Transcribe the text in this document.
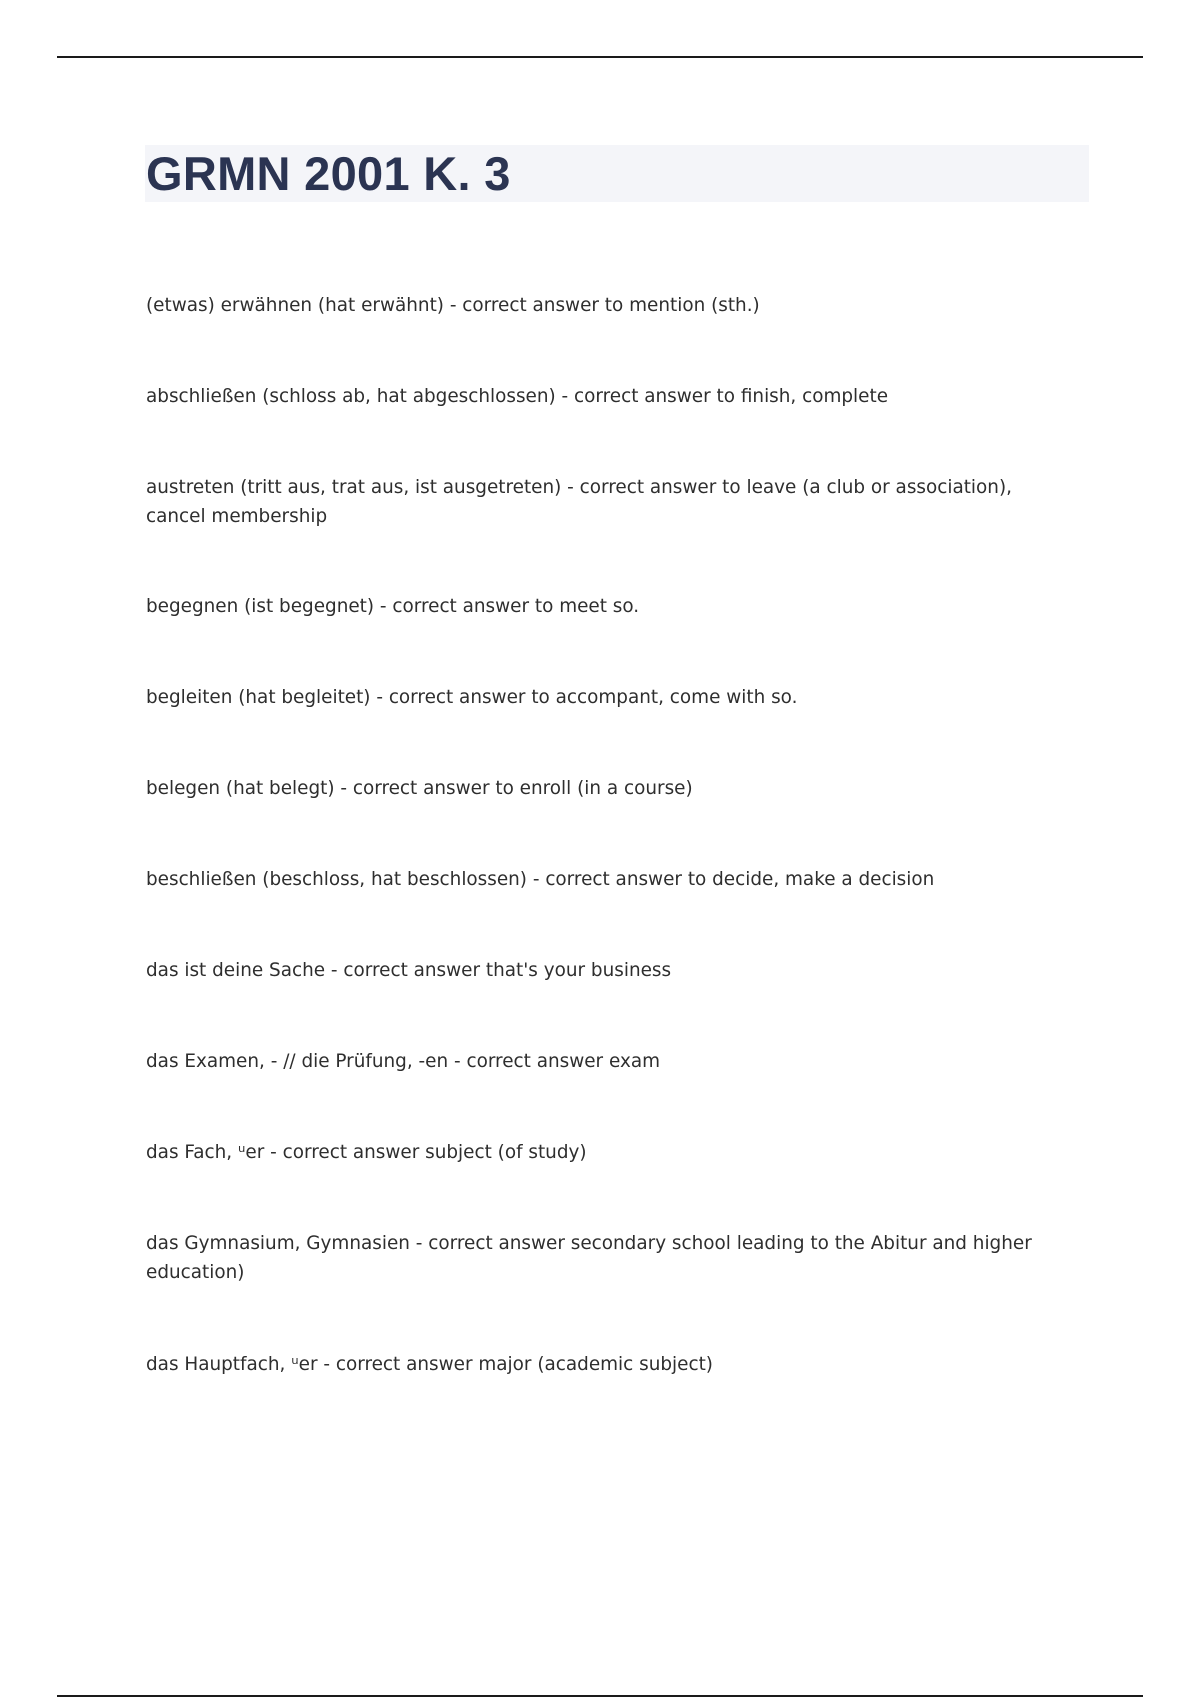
GRMN 2001 K. 3
(etwas) erwähnen (hat erwähnt) - correct answer to mention (sth.)
abschließen (schloss ab, hat abgeschlossen) - correct answer to finish, complete
austreten (tritt aus, trat aus, ist ausgetreten) - correct answer to leave (a club or association), cancel membership
begegnen (ist begegnet) - correct answer to meet so.
begleiten (hat begleitet) - correct answer to accompant, come with so.
belegen (hat belegt) - correct answer to enroll (in a course)
beschließen (beschloss, hat beschlossen) - correct answer to decide, make a decision
das ist deine Sache - correct answer that's your business
das Examen, - // die Prüfung, -en - correct answer exam
das Fach, ᵘer - correct answer subject (of study)
das Gymnasium, Gymnasien - correct answer secondary school leading to the Abitur and higher education)
das Hauptfach, ᵘer - correct answer major (academic subject)
